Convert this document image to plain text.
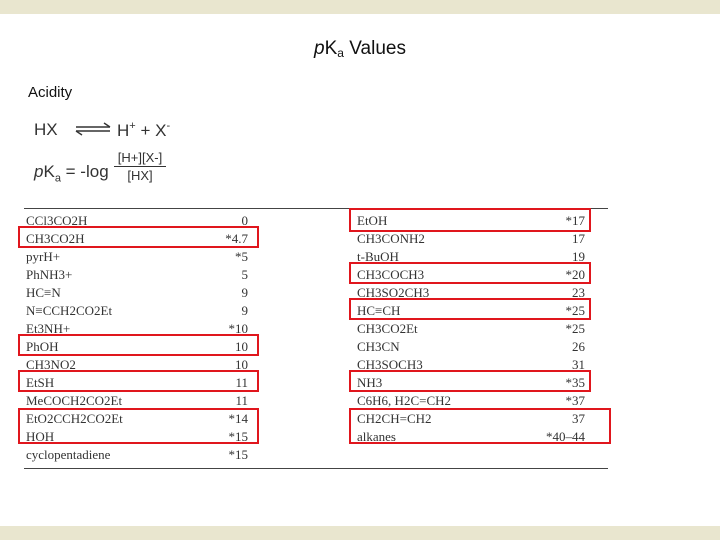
$pK_a$ Values
Acidity
HX ⇌ H+ + X-
$pK_a = -\log \frac{[H+][X-]}{[HX]}$
CCl3CO2H	0
CH3CO2H	*4.7
pyrH+	*5
PhNH3+	5
HC≡N	9
N≡CCH2CO2Et	9
Et3NH+	*10
PhOH	10
CH3NO2	10
EtSH	11
MeCOCH2CO2Et	11
EtO2CCH2CO2Et	*14
HOH	*15
cyclopentadiene	*15
EtOH	*17
CH3CONH2	17
t-BuOH	19
CH3COCH3	*20
CH3SO2CH3	23
HC≡CH	*25
CH3CO2Et	*25
CH3CN	26
CH3SOCH3	31
NH3	*35
C6H6, H2C=CH2	*37
CH2CH=CH2	37
alkanes	*40–44
